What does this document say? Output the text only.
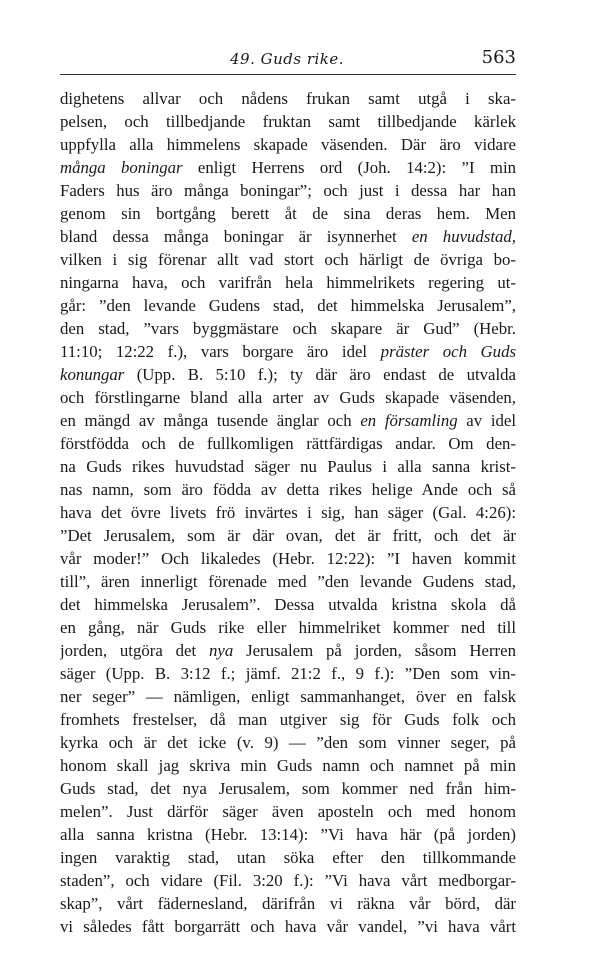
49. Guds rike.	563
dighetens allvar och nådens frukan samt utgå i ska-
pelsen, och tillbedjande fruktan samt tillbedjande kärlek
uppfylla alla himmelens skapade väsenden. Där äro vidare
många boningar enligt Herrens ord (Joh. 14:2): ”I min
Faders hus äro många boningar”; och just i dessa har han
genom sin bortgång berett åt de sina deras hem. Men
bland dessa många boningar är isynnerhet en huvudstad,
vilken i sig förenar allt vad stort och härligt de övriga bo-
ningarna hava, och varifrån hela himmelrikets regering ut-
går: ”den levande Gudens stad, det himmelska Jerusalem”,
den stad, ”vars byggmästare och skapare är Gud” (Hebr.
11:10; 12:22 f.), vars borgare äro idel präster och Guds
konungar (Upp. B. 5:10 f.); ty där äro endast de utvalda
och förstlingarne bland alla arter av Guds skapade väsenden,
en mängd av många tusende änglar och en församling av idel
förstfödda och de fullkomligen rättfärdigas andar. Om den-
na Guds rikes huvudstad säger nu Paulus i alla sanna krist-
nas namn, som äro födda av detta rikes helige Ande och så
hava det övre livets frö invärtes i sig, han säger (Gal. 4:26):
”Det Jerusalem, som är där ovan, det är fritt, och det är
vår moder!” Och likaledes (Hebr. 12:22): ”I haven kommit
till”, ären innerligt förenade med ”den levande Gudens stad,
det himmelska Jerusalem”. Dessa utvalda kristna skola då
en gång, när Guds rike eller himmelriket kommer ned till
jorden, utgöra det nya Jerusalem på jorden, såsom Herren
säger (Upp. B. 3:12 f.; jämf. 21:2 f., 9 f.): ”Den som vin-
ner seger” — nämligen, enligt sammanhanget, över en falsk
fromhets frestelser, då man utgiver sig för Guds folk och
kyrka och är det icke (v. 9) — ”den som vinner seger, på
honom skall jag skriva min Guds namn och namnet på min
Guds stad, det nya Jerusalem, som kommer ned från him-
melen”. Just därför säger även aposteln och med honom
alla sanna kristna (Hebr. 13:14): ”Vi hava här (på jorden)
ingen varaktig stad, utan söka efter den tillkommande
staden”, och vidare (Fil. 3:20 f.): ”Vi hava vårt medborgar-
skap”, vårt fädernesland, därifrån vi räkna vår börd, där
vi således fått borgarrätt och hava vår vandel, ”vi hava vårt
